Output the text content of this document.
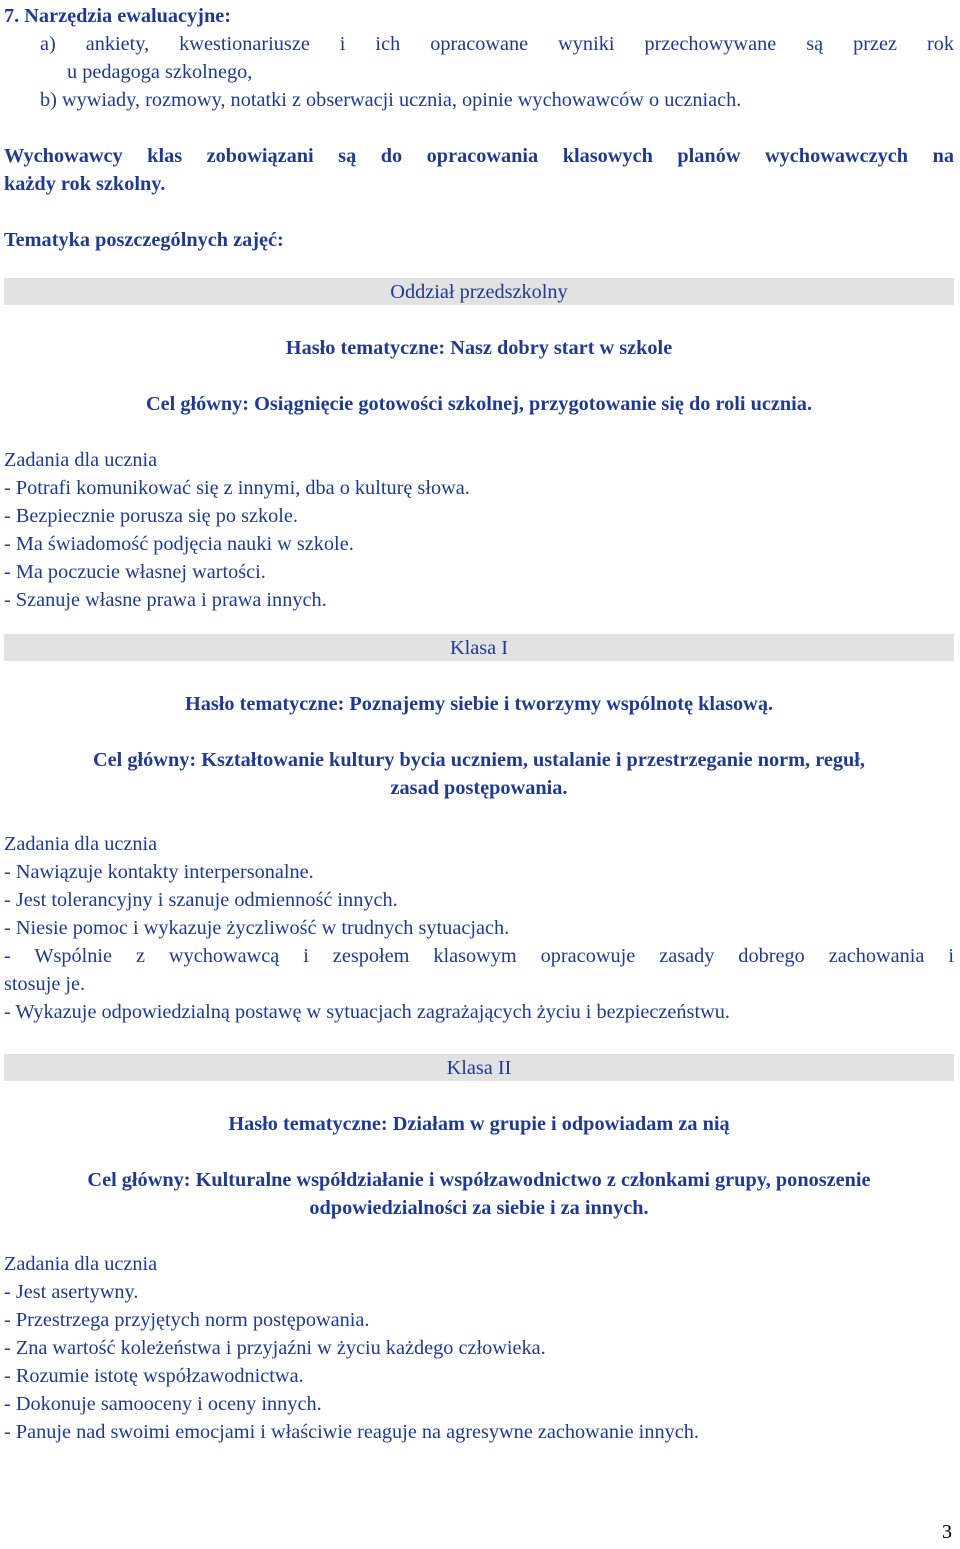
7. Narzędzia ewaluacyjne:
a) ankiety, kwestionariusze i ich opracowane wyniki przechowywane są przez rok
u pedagoga szkolnego,
b) wywiady, rozmowy, notatki z obserwacji ucznia, opinie wychowawców o uczniach.
Wychowawcy klas zobowiązani są do opracowania klasowych planów wychowawczych na
każdy rok szkolny.
Tematyka poszczególnych zajęć:
Oddział przedszkolny
Hasło tematyczne: Nasz dobry start w szkole
Cel główny: Osiągnięcie gotowości szkolnej, przygotowanie się do roli ucznia.
Zadania dla ucznia
- Potrafi komunikować się z innymi, dba o kulturę słowa.
- Bezpiecznie porusza się po szkole.
- Ma świadomość podjęcia nauki w szkole.
- Ma poczucie własnej wartości.
- Szanuje własne prawa i prawa innych.
Klasa I
Hasło tematyczne: Poznajemy siebie i tworzymy wspólnotę klasową.
Cel główny: Kształtowanie kultury bycia uczniem, ustalanie i przestrzeganie norm, reguł,
zasad postępowania.
Zadania dla ucznia
- Nawiązuje kontakty interpersonalne.
- Jest tolerancyjny i szanuje odmienność innych.
- Niesie pomoc i wykazuje życzliwość w trudnych sytuacjach.
- Wspólnie z wychowawcą i zespołem klasowym opracowuje zasady dobrego zachowania i
stosuje je.
- Wykazuje odpowiedzialną postawę w sytuacjach zagrażających życiu i bezpieczeństwu.
Klasa II
Hasło tematyczne: Działam w grupie i odpowiadam za nią
Cel główny: Kulturalne współdziałanie i współzawodnictwo z członkami grupy, ponoszenie
odpowiedzialności za siebie i za innych.
Zadania dla ucznia
- Jest asertywny.
- Przestrzega przyjętych norm postępowania.
- Zna wartość koleżeństwa i przyjaźni w życiu każdego człowieka.
- Rozumie istotę współzawodnictwa.
- Dokonuje samooceny i oceny innych.
- Panuje nad swoimi emocjami i właściwie reaguje na agresywne zachowanie innych.
3
